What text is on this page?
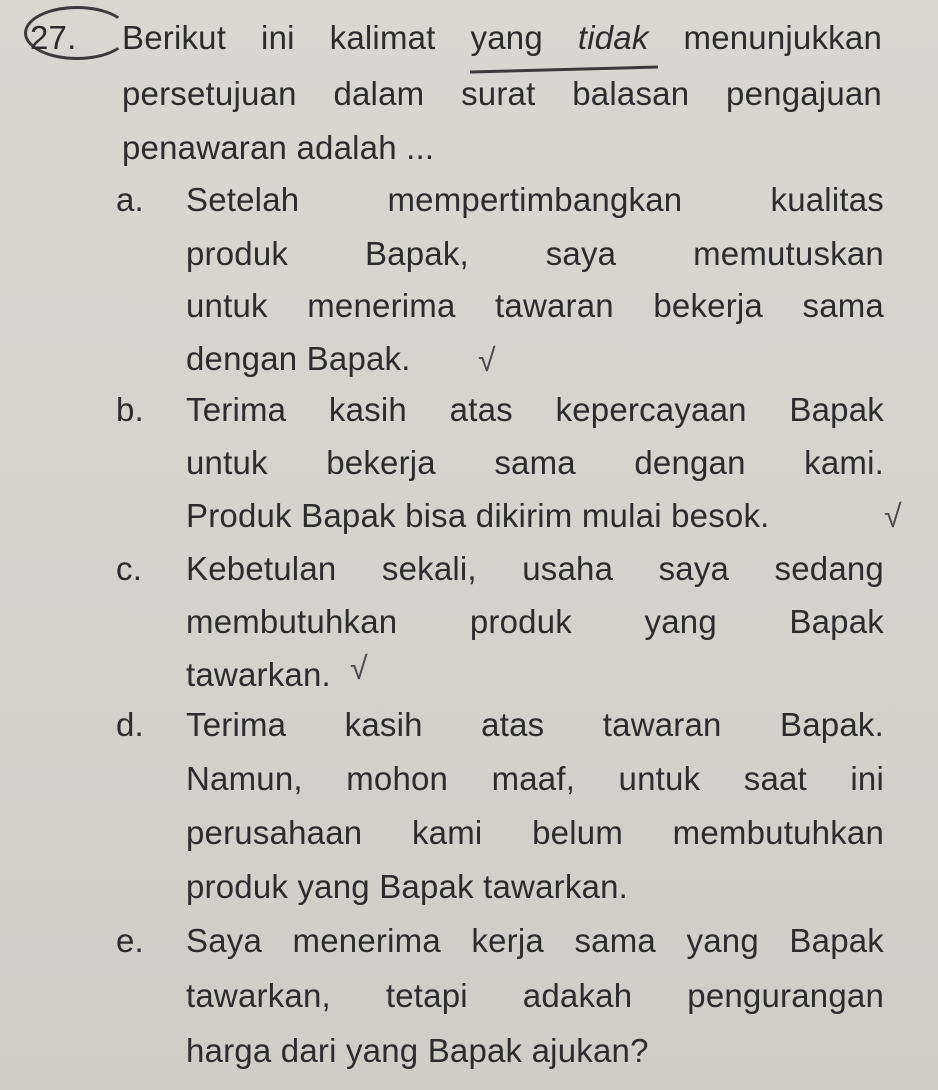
27. Berikut ini kalimat yang tidak menunjukkan
persetujuan dalam surat balasan pengajuan
penawaran adalah ...
a.	Setelah mempertimbangkan kualitas
produk Bapak, saya memutuskan
untuk menerima tawaran bekerja sama
dengan Bapak.	√
b.	Terima kasih atas kepercayaan Bapak
untuk bekerja sama dengan kami.
Produk Bapak bisa dikirim mulai besok.	√
c.	Kebetulan sekali, usaha saya sedang
membutuhkan produk yang Bapak
tawarkan. √
d.	Terima kasih atas tawaran Bapak.
Namun, mohon maaf, untuk saat ini
perusahaan kami belum membutuhkan
produk yang Bapak tawarkan.
e.	Saya menerima kerja sama yang Bapak
tawarkan, tetapi adakah pengurangan
harga dari yang Bapak ajukan?
